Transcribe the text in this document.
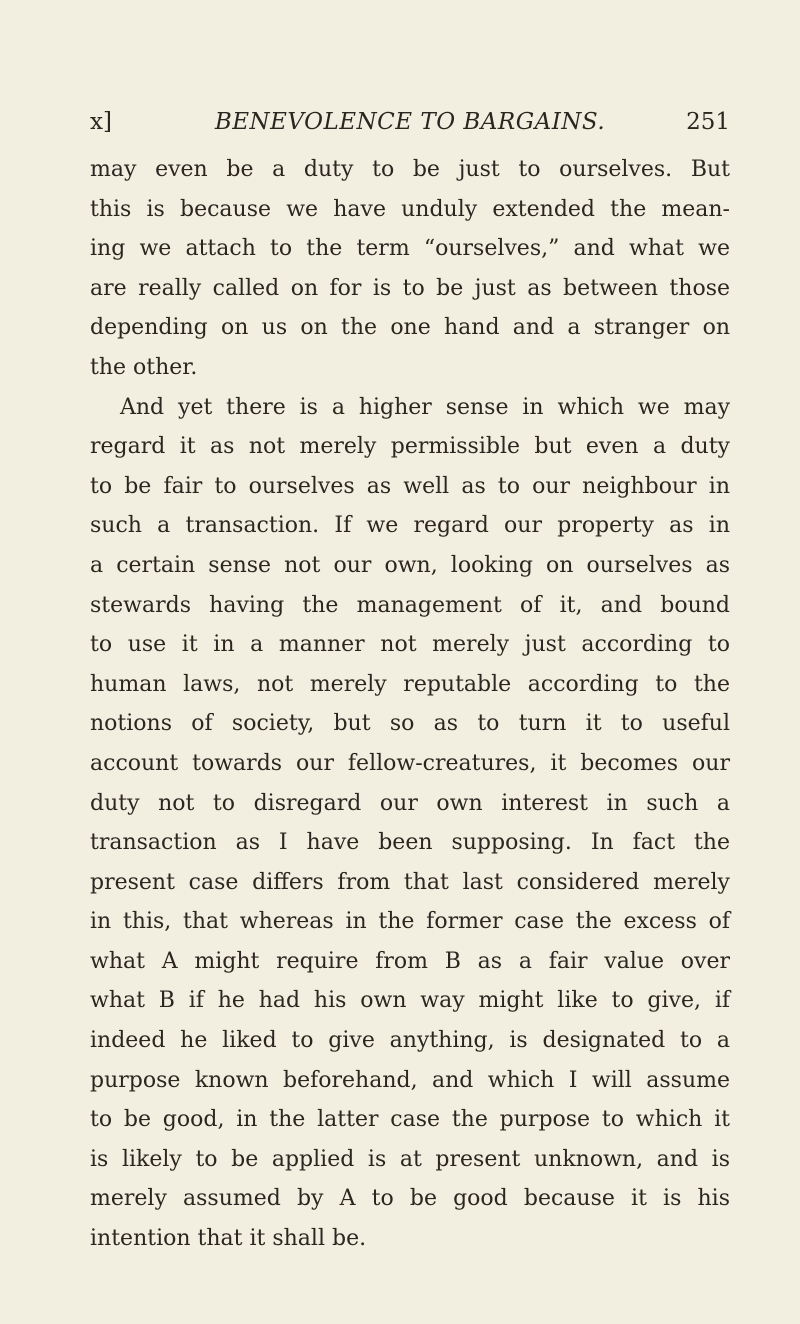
x]	BENEVOLENCE TO BARGAINS.	251
may even be a duty to be just to ourselves. But
this is because we have unduly extended the mean-
ing we attach to the term “ourselves,” and what we
are really called on for is to be just as between those
depending on us on the one hand and a stranger on
the other.
And yet there is a higher sense in which we may
regard it as not merely permissible but even a duty
to be fair to ourselves as well as to our neighbour in
such a transaction. If we regard our property as in
a certain sense not our own, looking on ourselves as
stewards having the management of it, and bound
to use it in a manner not merely just according to
human laws, not merely reputable according to the
notions of society, but so as to turn it to useful
account towards our fellow-creatures, it becomes our
duty not to disregard our own interest in such a
transaction as I have been supposing. In fact the
present case differs from that last considered merely
in this, that whereas in the former case the excess of
what A might require from B as a fair value over
what B if he had his own way might like to give, if
indeed he liked to give anything, is designated to a
purpose known beforehand, and which I will assume
to be good, in the latter case the purpose to which it
is likely to be applied is at present unknown, and is
merely assumed by A to be good because it is his
intention that it shall be.
